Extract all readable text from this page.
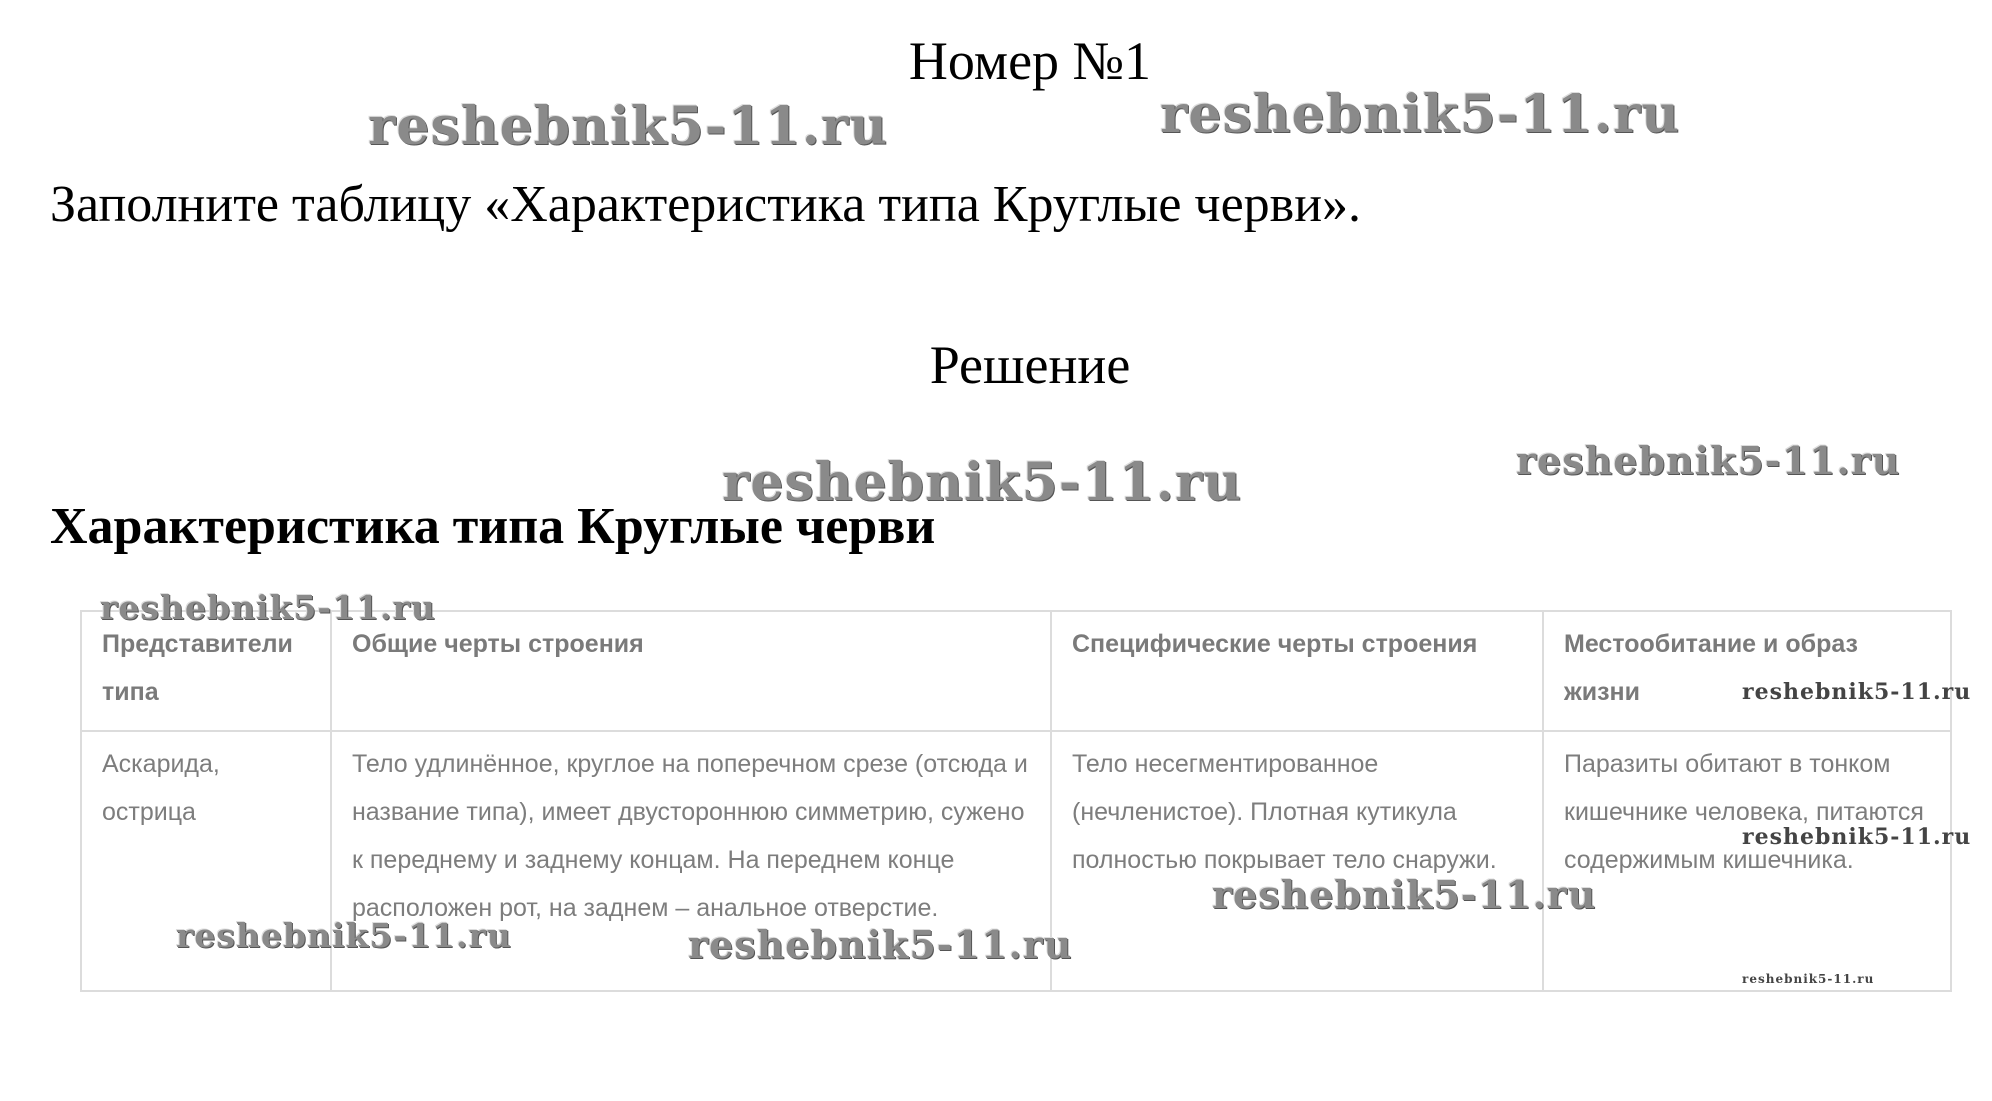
Номер №1
Заполните таблицу «Характеристика типа Круглые черви».
Решение
Характеристика типа Круглые черви
Представители типа	Общие черты строения	Специфические черты строения	Местообитание и образ жизни
Аскарида, острица	Тело удлинённое, круглое на поперечном срезе (отсюда и название типа), имеет двустороннюю симметрию, сужено к переднему и заднему концам. На переднем конце расположен рот, на заднем – анальное отверстие.	Тело несегментированное (нечленистое). Плотная кутикула полностью покрывает тело снаружи.	Паразиты обитают в тонком кишечнике человека, питаются содержимым кишечника.
reshebnik5-11.ru	reshebnik5-11.ru
reshebnik5-11.ru	reshebnik5-11.ru
reshebnik5-11.ru
reshebnik5-11.ru
reshebnik5-11.ru
reshebnik5-11.ru
reshebnik5-11.ru	reshebnik5-11.ru
reshebnik5-11.ru
